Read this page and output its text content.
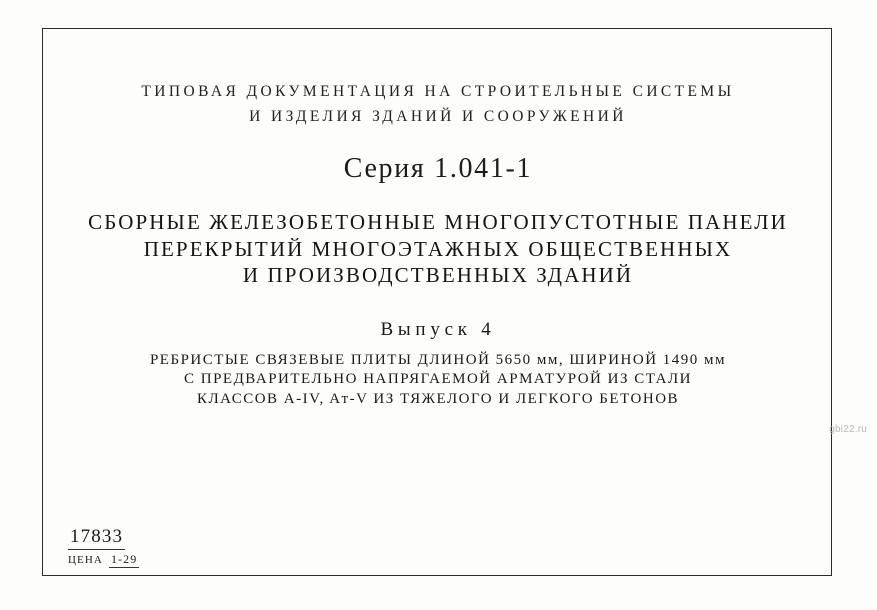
ТИПОВАЯ ДОКУМЕНТАЦИЯ НА СТРОИТЕЛЬНЫЕ СИСТЕМЫ
И ИЗДЕЛИЯ ЗДАНИЙ И СООРУЖЕНИЙ
Серия 1.041-1
СБОРНЫЕ ЖЕЛЕЗОБЕТОННЫЕ МНОГОПУСТОТНЫЕ ПАНЕЛИ
ПЕРЕКРЫТИЙ МНОГОЭТАЖНЫХ ОБЩЕСТВЕННЫХ
И ПРОИЗВОДСТВЕННЫХ ЗДАНИЙ
Выпуск 4
РЕБРИСТЫЕ СВЯЗЕВЫЕ ПЛИТЫ ДЛИНОЙ 5650 мм, ШИРИНОЙ 1490 мм
С ПРЕДВАРИТЕЛЬНО НАПРЯГАЕМОЙ АРМАТУРОЙ ИЗ СТАЛИ
КЛАССОВ A-IV, Aт-V ИЗ ТЯЖЕЛОГО И ЛЕГКОГО БЕТОНОВ
17833
ЦЕНА 1-29
gbi22.ru
